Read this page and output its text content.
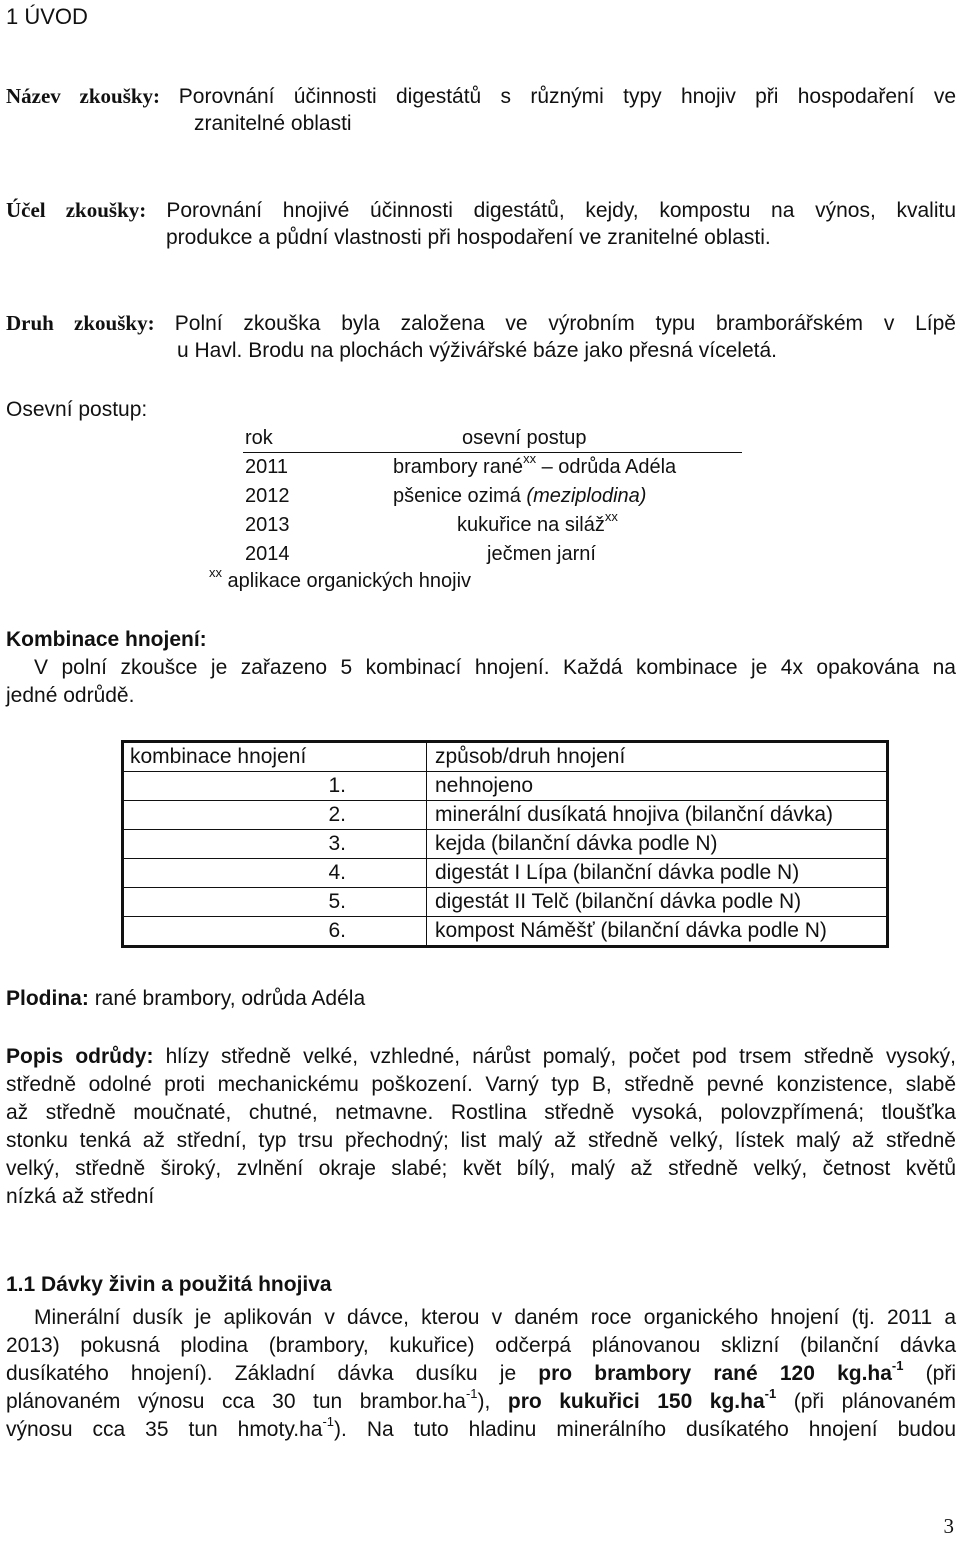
1 ÚVOD
Název zkoušky: Porovnání účinnosti digestátů s různými typy hnojiv při hospodaření ve
zranitelné oblasti
Účel zkoušky: Porovnání hnojivé účinnosti digestátů, kejdy, kompostu na výnos, kvalitu
produkce a půdní vlastnosti při hospodaření ve zranitelné oblasti.
Druh zkoušky: Polní zkouška byla založena ve výrobním typu bramborářském v Lípě
u Havl. Brodu na plochách výživářské báze jako přesná víceletá.
Osevní postup:
rok	osevní postup
2011	brambory rané$^{xx}$ – odrůda Adéla
2012	pšenice ozimá (meziplodina)
2013	kukuřice na siláž$^{xx}$
2014	ječmen jarní
$^{xx}$ aplikace organických hnojiv
Kombinace hnojení:
V polní zkoušce je zařazeno 5 kombinací hnojení. Každá kombinace je 4x opakována na
jedné odrůdě.
kombinace hnojení	způsob/druh hnojení
1.	nehnojeno
2.	minerální dusíkatá hnojiva (bilanční dávka)
3.	kejda (bilanční dávka podle N)
4.	digestát I Lípa (bilanční dávka podle N)
5.	digestát II Telč (bilanční dávka podle N)
6.	kompost Náměšť (bilanční dávka podle N)
Plodina: rané brambory, odrůda Adéla
Popis odrůdy: hlízy středně velké, vzhledné, nárůst pomalý, počet pod trsem středně vysoký,
středně odolné proti mechanickému poškození. Varný typ B, středně pevné konzistence, slabě
až středně moučnaté, chutné, netmavne. Rostlina středně vysoká, polovzpřímená; tloušťka
stonku tenká až střední, typ trsu přechodný; list malý až středně velký, lístek malý až středně
velký, středně široký, zvlnění okraje slabé; květ bílý, malý až středně velký, četnost květů
nízká až střední
1.1 Dávky živin a použitá hnojiva
Minerální dusík je aplikován v dávce, kterou v daném roce organického hnojení (tj. 2011 a
2013) pokusná plodina (brambory, kukuřice) odčerpá plánovanou sklizní (bilanční dávka
dusíkatého hnojení). Základní dávka dusíku je pro brambory rané 120 $kg.ha^{-1}$ (při
plánovaném výnosu cca 30 tun $brambor.ha^{-1}$), pro kukuřici 150 $kg.ha^{-1}$ (při plánovaném
výnosu cca 35 tun $hmoty.ha^{-1}$). Na tuto hladinu minerálního dusíkatého hnojení budou
3
